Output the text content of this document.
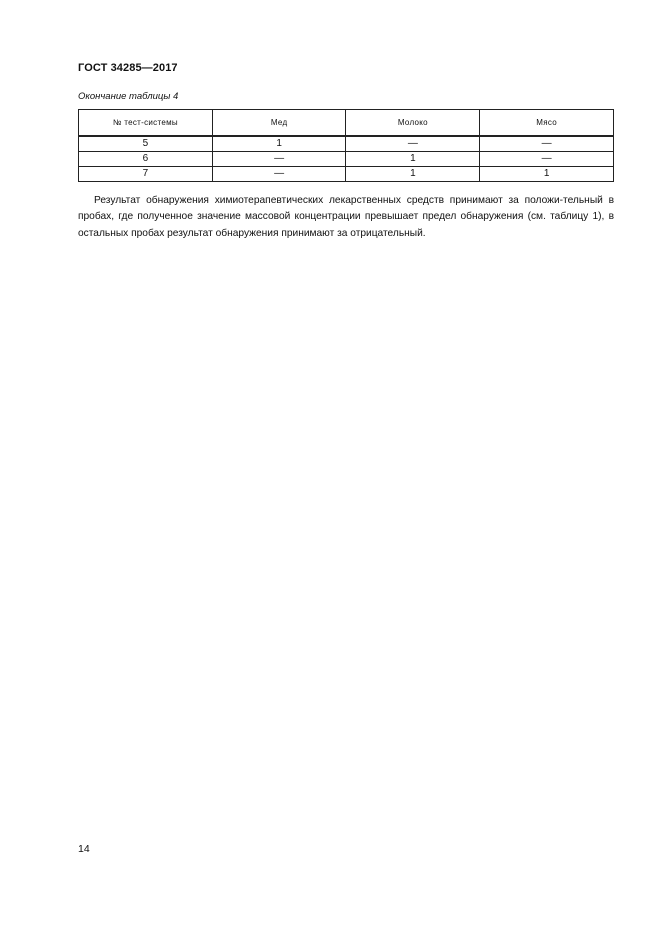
ГОСТ 34285—2017
Окончание таблицы 4
№ тест-системы	Мед	Молоко	Мясо
5	1	—	—
6	—	1	—
7	—	1	1

Результат обнаружения химиотерапевтических лекарственных средств принимают за положи-тельный в пробах, где полученное значение массовой концентрации превышает предел обнаружения (см. таблицу 1), в остальных пробах результат обнаружения принимают за отрицательный.

14
